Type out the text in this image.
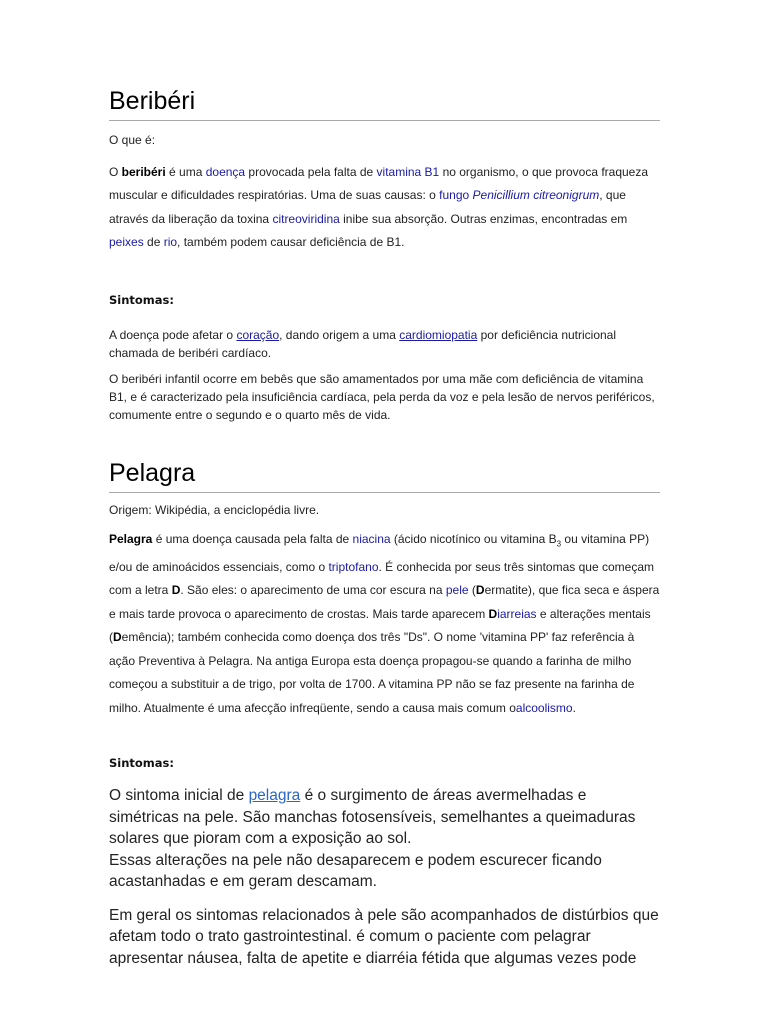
Beribéri

O que é:

O beribéri é uma doença provocada pela falta de vitamina B1 no organismo, o que provoca fraqueza muscular e dificuldades respiratórias. Uma de suas causas: o fungo Penicillium citreonigrum, que através da liberação da toxina citreoviridina inibe sua absorção. Outras enzimas, encontradas em peixes de rio, também podem causar deficiência de B1.

Sintomas:

A doença pode afetar o coração, dando origem a uma cardiomiopatia por deficiência nutricional chamada de beribéri cardíaco.

O beribéri infantil ocorre em bebês que são amamentados por uma mãe com deficiência de vitamina B1, e é caracterizado pela insuficiência cardíaca, pela perda da voz e pela lesão de nervos periféricos, comumente entre o segundo e o quarto mês de vida.

Pelagra

Origem: Wikipédia, a enciclopédia livre.

Pelagra é uma doença causada pela falta de niacina (ácido nicotínico ou vitamina $B_3$ ou vitamina PP) e/ou de aminoácidos essenciais, como o triptofano. É conhecida por seus três sintomas que começam com a letra D. São eles: o aparecimento de uma cor escura na pele (Dermatite), que fica seca e áspera e mais tarde provoca o aparecimento de crostas. Mais tarde aparecem Diarreias e alterações mentais (Demência); também conhecida como doença dos três "Ds". O nome 'vitamina PP' faz referência à ação Preventiva à Pelagra. Na antiga Europa esta doença propagou-se quando a farinha de milho começou a substituir a de trigo, por volta de 1700. A vitamina PP não se faz presente na farinha de milho. Atualmente é uma afecção infreqüente, sendo a causa mais comum oalcoolismo.

Sintomas:

O sintoma inicial de pelagra é o surgimento de áreas avermelhadas e simétricas na pele. São manchas fotosensíveis, semelhantes a queimaduras solares que pioram com a exposição ao sol.
Essas alterações na pele não desaparecem e podem escurecer ficando acastanhadas e em geram descamam.

Em geral os sintomas relacionados à pele são acompanhados de distúrbios que afetam todo o trato gastrointestinal. é comum o paciente com pelagrar apresentar náusea, falta de apetite e diarréia fétida que algumas vezes pode
